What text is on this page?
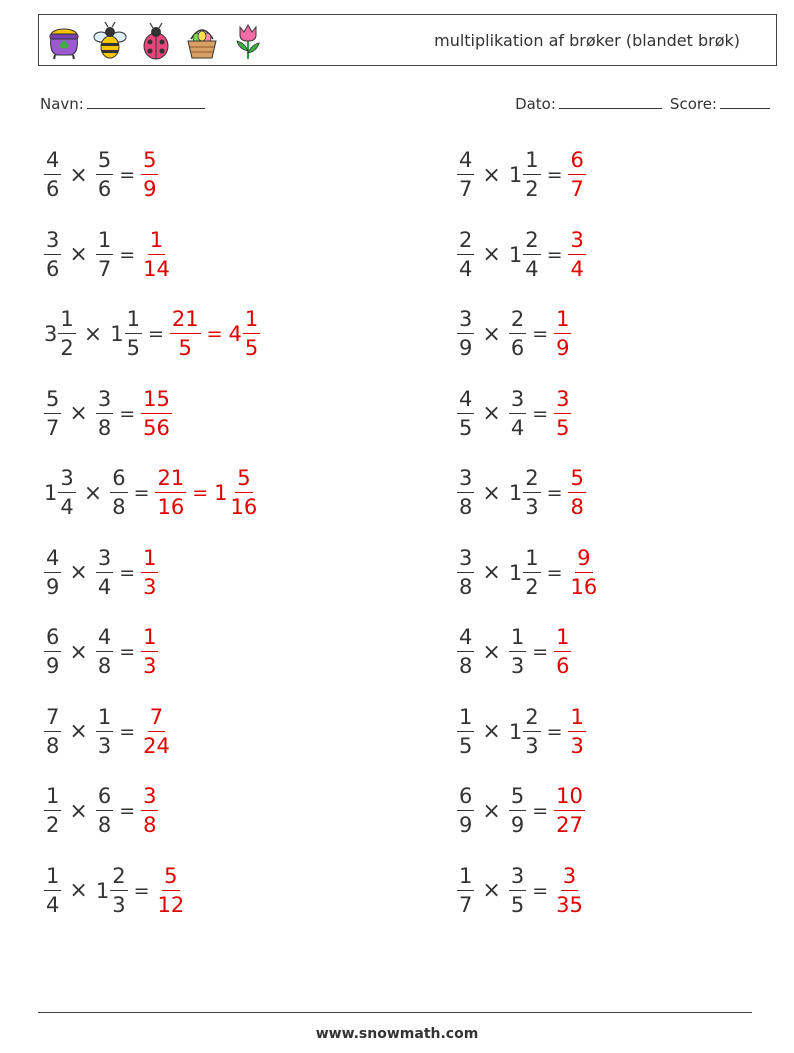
multiplikation af brøker (blandet brøk)
Navn:	Dato:	Score:
$\frac{4}{6} \times \frac{5}{6} = \frac{5}{9}$	$\frac{4}{7} \times 1 \frac{1}{2} = \frac{6}{7}$
$\frac{3}{6} \times \frac{1}{7} = \frac{1}{14}$	$\frac{2}{4} \times 1 \frac{2}{4} = \frac{3}{4}$
$3 \frac{1}{2} \times 1 \frac{1}{5} = \frac{21}{5} = 4 \frac{1}{5}$	$\frac{3}{9} \times \frac{2}{6} = \frac{1}{9}$
$\frac{5}{7} \times \frac{3}{8} = \frac{15}{56}$	$\frac{4}{5} \times \frac{3}{4} = \frac{3}{5}$
$1 \frac{3}{4} \times \frac{6}{8} = \frac{21}{16} = 1 \frac{5}{16}$	$\frac{3}{8} \times 1 \frac{2}{3} = \frac{5}{8}$
$\frac{4}{9} \times \frac{3}{4} = \frac{1}{3}$	$\frac{3}{8} \times 1 \frac{1}{2} = \frac{9}{16}$
$\frac{6}{9} \times \frac{4}{8} = \frac{1}{3}$	$\frac{4}{8} \times \frac{1}{3} = \frac{1}{6}$
$\frac{7}{8} \times \frac{1}{3} = \frac{7}{24}$	$\frac{1}{5} \times 1 \frac{2}{3} = \frac{1}{3}$
$\frac{1}{2} \times \frac{6}{8} = \frac{3}{8}$	$\frac{6}{9} \times \frac{5}{9} = \frac{10}{27}$
$\frac{1}{4} \times 1 \frac{2}{3} = \frac{5}{12}$	$\frac{1}{7} \times \frac{3}{5} = \frac{3}{35}$
www.snowmath.com
